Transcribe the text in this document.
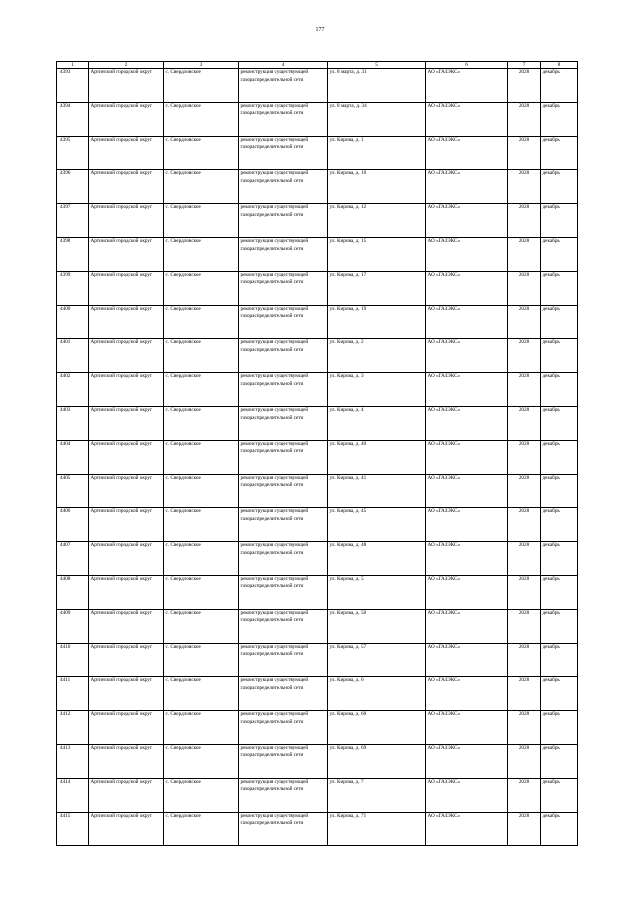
177
1	2	3	4	5	6	7	8
4393	Артинский городской округ	с. Свердловское	реконструкция существующей газораспределительной сети	ул. 8 марта, д. 31	АО «ГАЗЭКС»	2028	декабрь
4394	Артинский городской округ	с. Свердловское	реконструкция существующей газораспределительной сети	ул. 8 марта, д. 34	АО «ГАЗЭКС»	2028	декабрь
4395	Артинский городской округ	с. Свердловское	реконструкция существующей газораспределительной сети	ул. Кирова, д. 1	АО «ГАЗЭКС»	2028	декабрь
4396	Артинский городской округ	с. Свердловское	реконструкция существующей газораспределительной сети	ул. Кирова, д. 10	АО «ГАЗЭКС»	2028	декабрь
4397	Артинский городской округ	с. Свердловское	реконструкция существующей газораспределительной сети	ул. Кирова, д. 12	АО «ГАЗЭКС»	2028	декабрь
4398	Артинский городской округ	с. Свердловское	реконструкция существующей газораспределительной сети	ул. Кирова, д. 15	АО «ГАЗЭКС»	2028	декабрь
4399	Артинский городской округ	с. Свердловское	реконструкция существующей газораспределительной сети	ул. Кирова, д. 17	АО «ГАЗЭКС»	2028	декабрь
4400	Артинский городской округ	с. Свердловское	реконструкция существующей газораспределительной сети	ул. Кирова, д. 19	АО «ГАЗЭКС»	2028	декабрь
4401	Артинский городской округ	с. Свердловское	реконструкция существующей газораспределительной сети	ул. Кирова, д. 2	АО «ГАЗЭКС»	2028	декабрь
4402	Артинский городской округ	с. Свердловское	реконструкция существующей газораспределительной сети	ул. Кирова, д. 3	АО «ГАЗЭКС»	2028	декабрь
4403	Артинский городской округ	с. Свердловское	реконструкция существующей газораспределительной сети	ул. Кирова, д. 4	АО «ГАЗЭКС»	2028	декабрь
4404	Артинский городской округ	с. Свердловское	реконструкция существующей газораспределительной сети	ул. Кирова, д. 40	АО «ГАЗЭКС»	2028	декабрь
4405	Артинский городской округ	с. Свердловское	реконструкция существующей газораспределительной сети	ул. Кирова, д. 41	АО «ГАЗЭКС»	2028	декабрь
4406	Артинский городской округ	с. Свердловское	реконструкция существующей газораспределительной сети	ул. Кирова, д. 45	АО «ГАЗЭКС»	2028	декабрь
4407	Артинский городской округ	с. Свердловское	реконструкция существующей газораспределительной сети	ул. Кирова, д. 48	АО «ГАЗЭКС»	2028	декабрь
4408	Артинский городской округ	с. Свердловское	реконструкция существующей газораспределительной сети	ул. Кирова, д. 5	АО «ГАЗЭКС»	2028	декабрь
4409	Артинский городской округ	с. Свердловское	реконструкция существующей газораспределительной сети	ул. Кирова, д. 50	АО «ГАЗЭКС»	2028	декабрь
4410	Артинский городской округ	с. Свердловское	реконструкция существующей газораспределительной сети	ул. Кирова, д. 57	АО «ГАЗЭКС»	2028	декабрь
4411	Артинский городской округ	с. Свердловское	реконструкция существующей газораспределительной сети	ул. Кирова, д. 6	АО «ГАЗЭКС»	2028	декабрь
4412	Артинский городской округ	с. Свердловское	реконструкция существующей газораспределительной сети	ул. Кирова, д. 60	АО «ГАЗЭКС»	2028	декабрь
4413	Артинский городской округ	с. Свердловское	реконструкция существующей газораспределительной сети	ул. Кирова, д. 69	АО «ГАЗЭКС»	2028	декабрь
4414	Артинский городской округ	с. Свердловское	реконструкция существующей газораспределительной сети	ул. Кирова, д. 7	АО «ГАЗЭКС»	2028	декабрь
4415	Артинский городской округ	с. Свердловское	реконструкция существующей газораспределительной сети	ул. Кирова, д. 71	АО «ГАЗЭКС»	2028	декабрь
